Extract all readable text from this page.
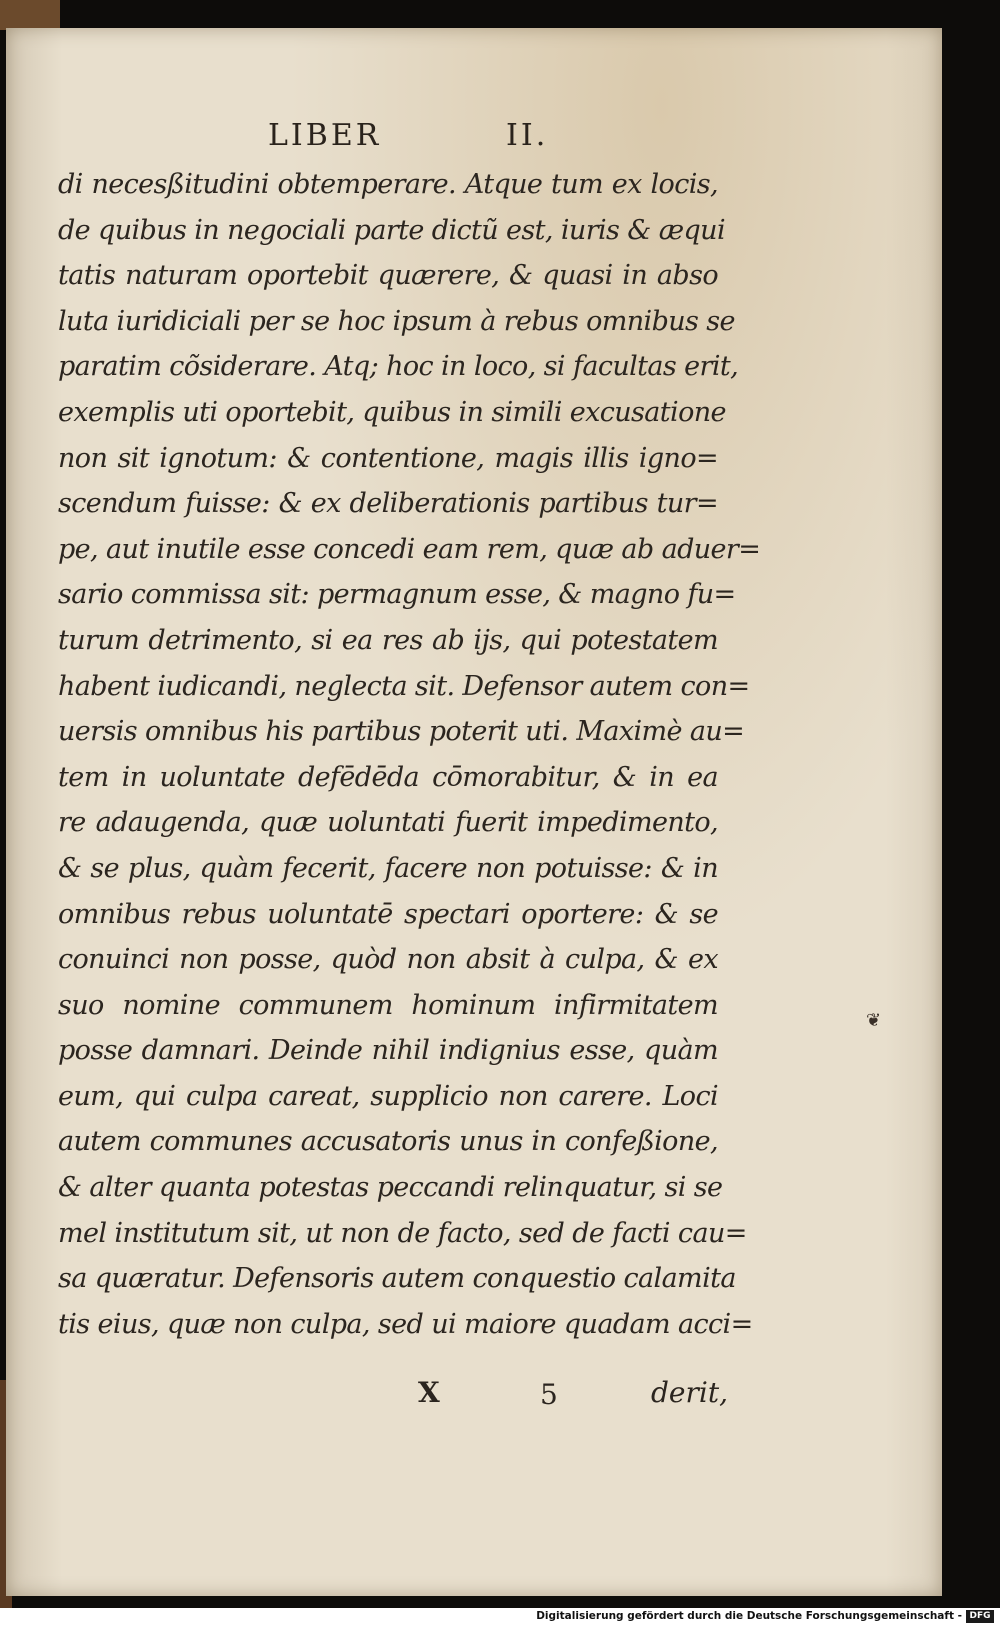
LIBER	II.
di necesßitudini obtemperare. Atque tum ex locis,
de quibus in negociali parte dictũ est, iuris & æqui
tatis naturam oportebit quærere, & quasi in abso
luta iuridiciali per se hoc ipsum à rebus omnibus se
paratim cõsiderare. Atq; hoc in loco, si facultas erit,
exemplis uti oportebit, quibus in simili excusatione
non sit ignotum: & contentione, magis illis igno=
scendum fuisse: & ex deliberationis partibus tur=
pe, aut inutile esse concedi eam rem, quæ ab aduer=
sario commissa sit: permagnum esse, & magno fu=
turum detrimento, si ea res ab ijs, qui potestatem
habent iudicandi, neglecta sit. Defensor autem con=
uersis omnibus his partibus poterit uti. Maximè au=
tem in uoluntate defēdēda cōmorabitur, & in ea
re adaugenda, quæ uoluntati fuerit impedimento,
& se plus, quàm fecerit, facere non potuisse: & in
omnibus rebus uoluntatē spectari oportere: & se
conuinci non posse, quòd non absit à culpa, & ex
suo nomine communem hominum infirmitatem
posse damnari. Deinde nihil indignius esse, quàm
eum, qui culpa careat, supplicio non carere. Loci
autem communes accusatoris unus in confeßione,
& alter quanta potestas peccandi relinquatur, si se
mel institutum sit, ut non de facto, sed de facti cau=
sa quæratur. Defensoris autem conquestio calamita
tis eius, quæ non culpa, sed ui maiore quadam acci=
❦
X	5	derit,
Digitalisierung gefördert durch die Deutsche Forschungsgemeinschaft - DFG
